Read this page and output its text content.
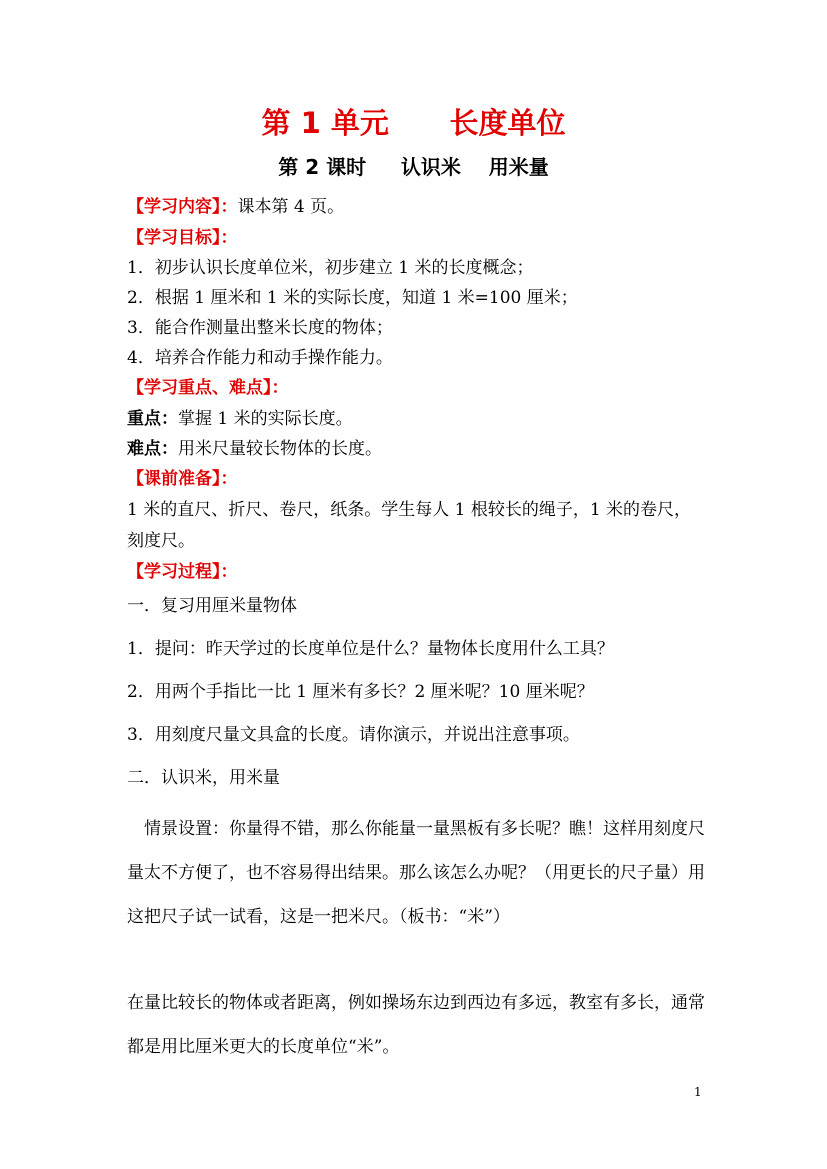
第 1 单元      长度单位
第 2 课时     认识米    用米量
【学习内容】：课本第 4 页。
【学习目标】：
1．初步认识长度单位米，初步建立 1 米的长度概念；
2．根据 1 厘米和 1 米的实际长度，知道 1 米=100 厘米；
3．能合作测量出整米长度的物体；
4．培养合作能力和动手操作能力。
【学习重点、难点】：
重点：掌握 1 米的实际长度。
难点：用米尺量较长物体的长度。
【课前准备】：
1 米的直尺、折尺、卷尺，纸条。学生每人 1 根较长的绳子，1 米的卷尺，刻度尺。
【学习过程】：
一．复习用厘米量物体
1．提问：昨天学过的长度单位是什么？量物体长度用什么工具？
2．用两个手指比一比 1 厘米有多长？2 厘米呢？10 厘米呢？
3．用刻度尺量文具盒的长度。请你演示，并说出注意事项。
二．认识米，用米量
情景设置：你量得不错，那么你能量一量黑板有多长呢？瞧！这样用刻度尺量太不方便了，也不容易得出结果。那么该怎么办呢？（用更长的尺子量）用这把尺子试一试看，这是一把米尺。（板书：“米”）
在量比较长的物体或者距离，例如操场东边到西边有多远，教室有多长，通常都是用比厘米更大的长度单位“米”。
1
